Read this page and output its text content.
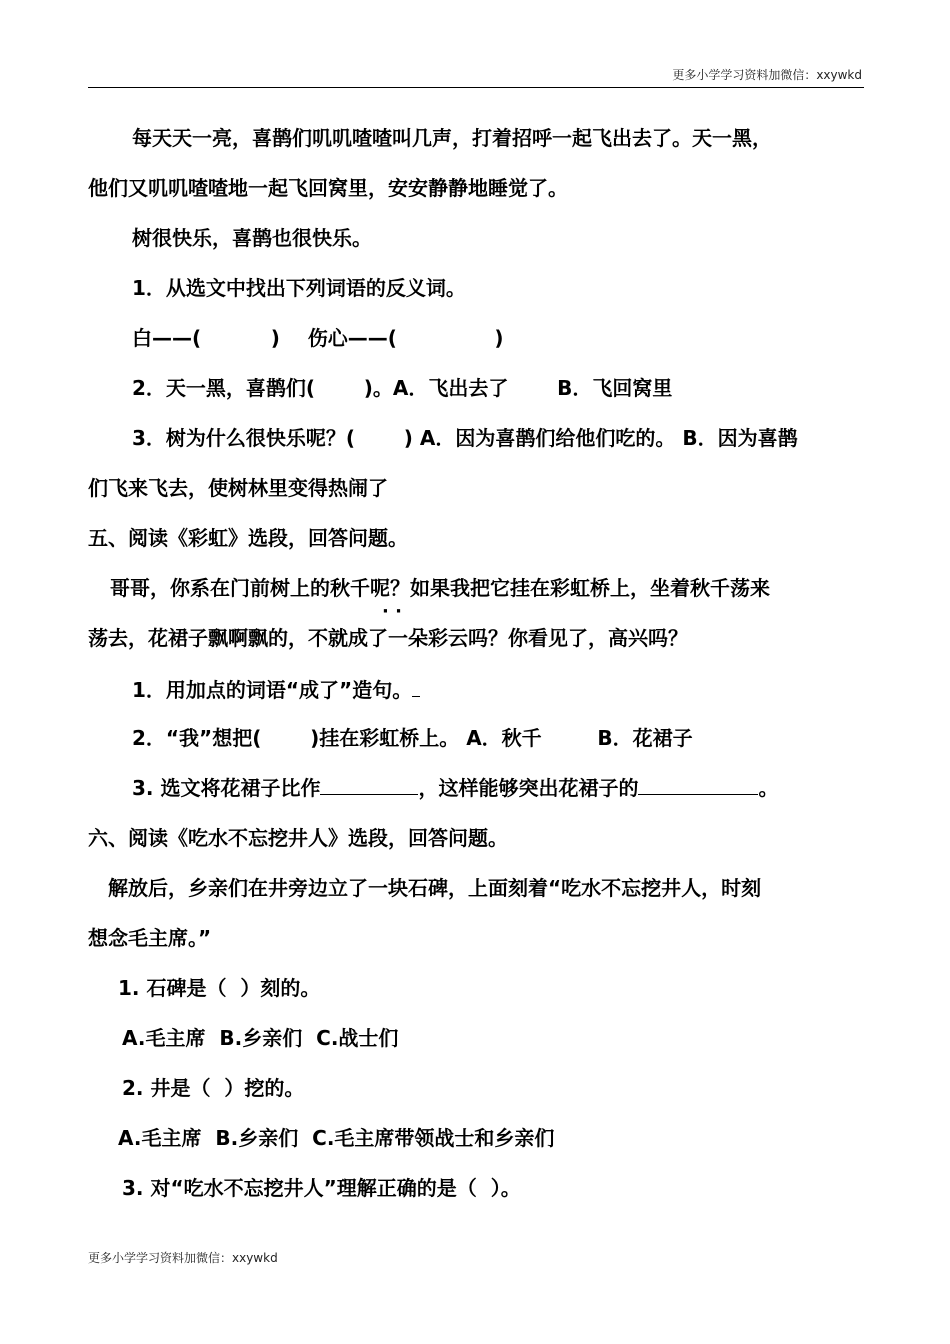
更多小学学习资料加微信：xxywkd
每天天一亮，喜鹊们叽叽喳喳叫几声，打着招呼一起飞出去了。天一黑，
他们又叽叽喳喳地一起飞回窝里，安安静静地睡觉了。
树很快乐，喜鹊也很快乐。
1．从选文中找出下列词语的反义词。
白——(          )    伤心——(              )
2．天一黑，喜鹊们(       )。A．飞出去了       B．飞回窝里
3．树为什么很快乐呢？(       ) A．因为喜鹊们给他们吃的。 B．因为喜鹊
们飞来飞去，使树林里变得热闹了
五、阅读《彩虹》选段，回答问题。
哥哥，你系在门前树上的秋千呢？如果我把它挂在彩虹桥上，坐着秋千荡来
· ·
荡去，花裙子飘啊飘的，不就成了一朵彩云吗？你看见了，高兴吗？
1．用加点的词语“成了”造句。
2．“我”想把(       )挂在彩虹桥上。 A．秋千        B．花裙子
3. 选文将花裙子比作	，这样能够突出花裙子的	。
六、阅读《吃水不忘挖井人》选段，回答问题。
解放后，乡亲们在井旁边立了一块石碑，上面刻着“吃水不忘挖井人，时刻
想念毛主席。”
1. 石碑是（  ）刻的。
A.毛主席  B.乡亲们  C.战士们
2. 井是（  ）挖的。
A.毛主席  B.乡亲们  C.毛主席带领战士和乡亲们
3. 对“吃水不忘挖井人”理解正确的是（  ）。
更多小学学习资料加微信：xxywkd
